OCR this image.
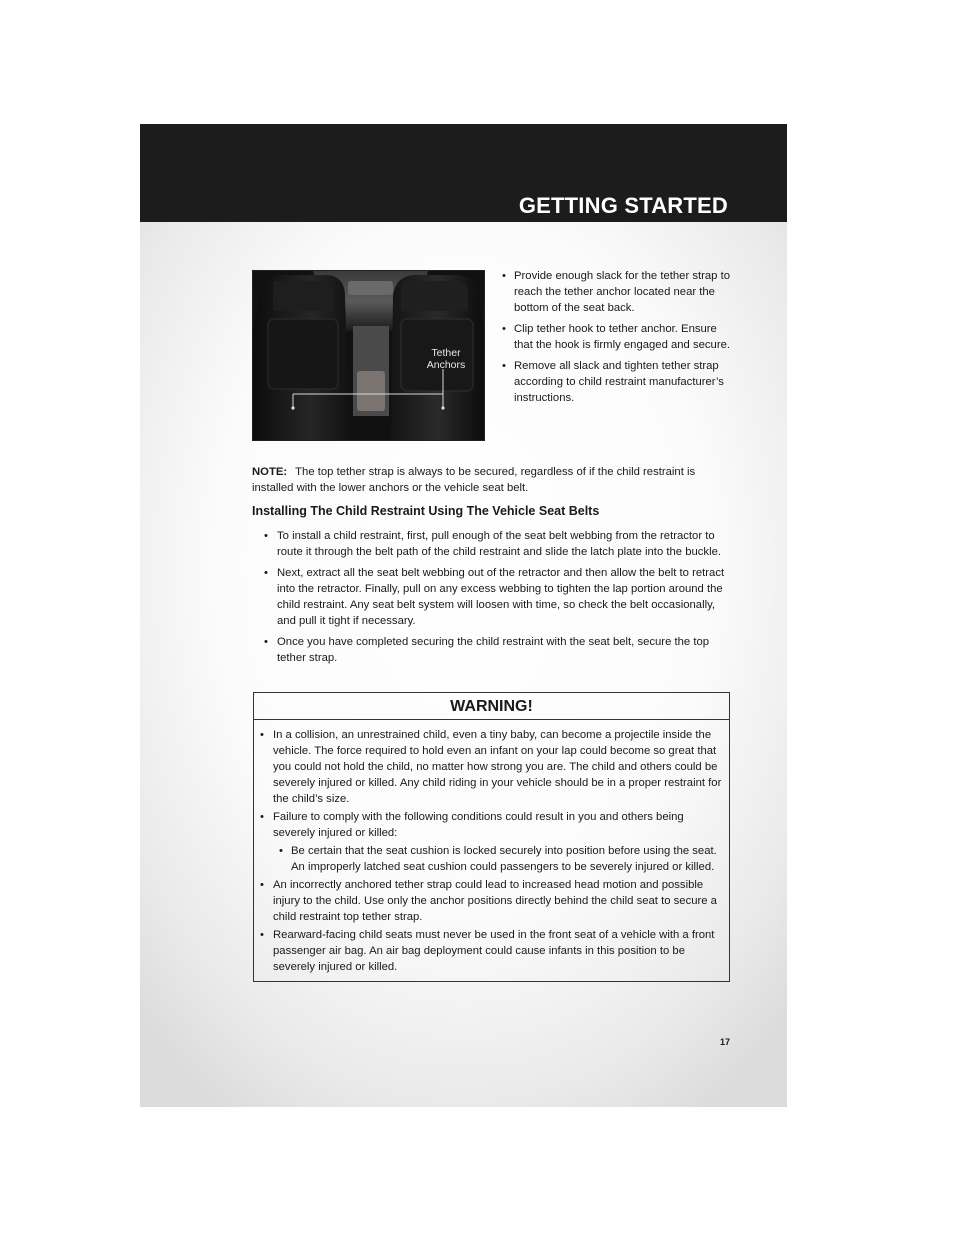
GETTING STARTED
Tether Anchors
• Provide enough slack for the tether strap to reach the tether anchor located near the bottom of the seat back.
• Clip tether hook to tether anchor. Ensure that the hook is firmly engaged and secure.
• Remove all slack and tighten tether strap according to child restraint manufacturer’s instructions.

NOTE: The top tether strap is always to be secured, regardless of if the child restraint is installed with the lower anchors or the vehicle seat belt.

Installing The Child Restraint Using The Vehicle Seat Belts
• To install a child restraint, first, pull enough of the seat belt webbing from the retractor to route it through the belt path of the child restraint and slide the latch plate into the buckle.
• Next, extract all the seat belt webbing out of the retractor and then allow the belt to retract into the retractor. Finally, pull on any excess webbing to tighten the lap portion around the child restraint. Any seat belt system will loosen with time, so check the belt occasionally, and pull it tight if necessary.
• Once you have completed securing the child restraint with the seat belt, secure the top tether strap.
WARNING!
• In a collision, an unrestrained child, even a tiny baby, can become a projectile inside the vehicle. The force required to hold even an infant on your lap could become so great that you could not hold the child, no matter how strong you are. The child and others could be severely injured or killed. Any child riding in your vehicle should be in a proper restraint for the child’s size.
• Failure to comply with the following conditions could result in you and others being severely injured or killed:
• Be certain that the seat cushion is locked securely into position before using the seat. An improperly latched seat cushion could passengers to be severely injured or killed.
• An incorrectly anchored tether strap could lead to increased head motion and possible injury to the child. Use only the anchor positions directly behind the child seat to secure a child restraint top tether strap.
• Rearward-facing child seats must never be used in the front seat of a vehicle with a front passenger air bag. An air bag deployment could cause infants in this position to be severely injured or killed.
17
